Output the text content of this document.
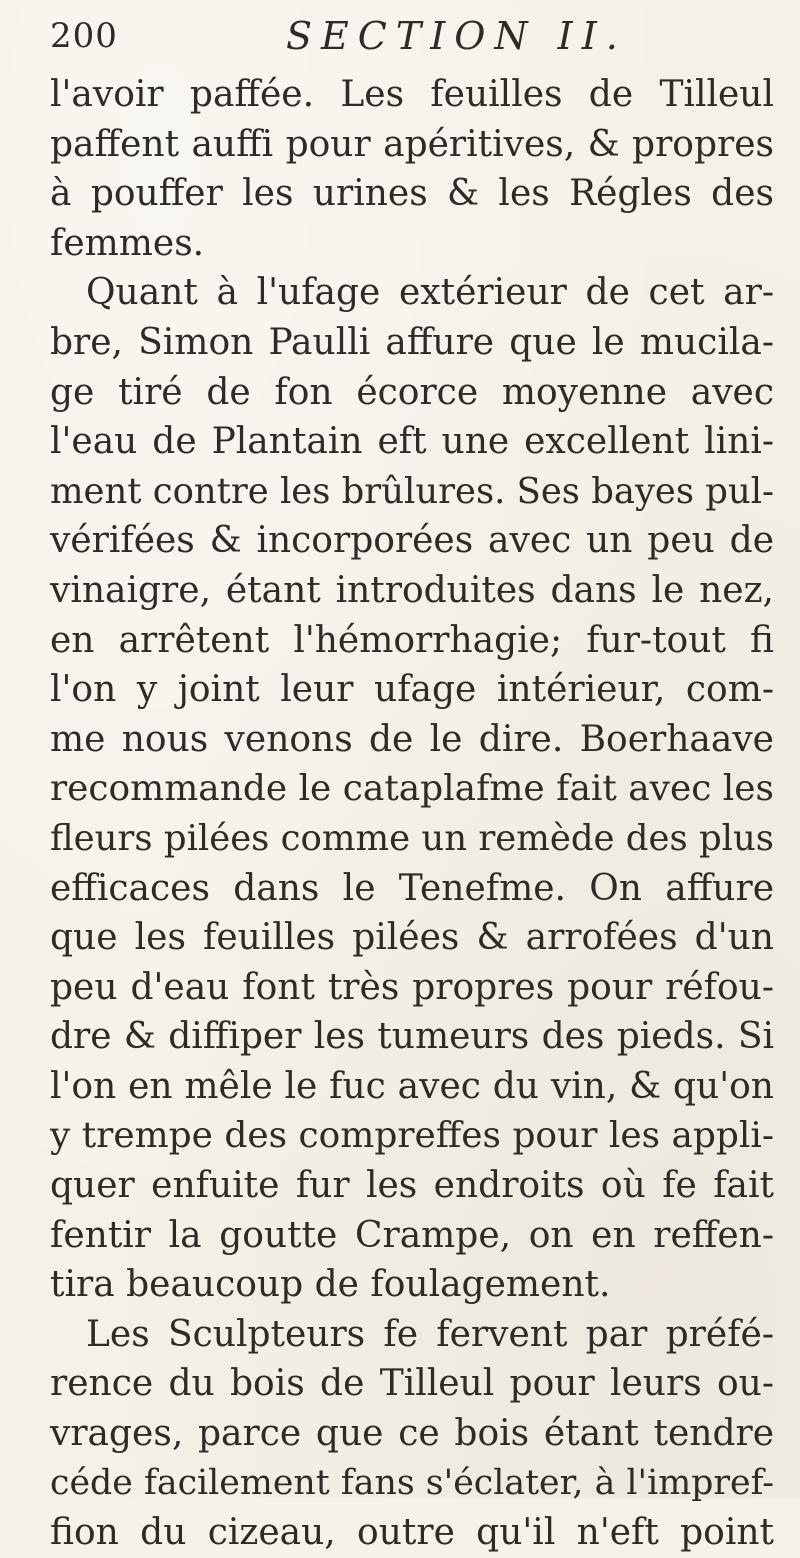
200	SECTION II.
l'avoir paffée. Les feuilles de Tilleul
paffent auffi pour apéritives, & propres
à pouffer les urines & les Régles des
femmes.
Quant à l'ufage extérieur de cet ar-
bre, Simon Paulli affure que le mucila-
ge tiré de fon écorce moyenne avec
l'eau de Plantain eft une excellent lini-
ment contre les brûlures. Ses bayes pul-
vérifées & incorporées avec un peu de
vinaigre, étant introduites dans le nez,
en arrêtent l'hémorrhagie; fur-tout fi
l'on y joint leur ufage intérieur, com-
me nous venons de le dire. Boerhaave
recommande le cataplafme fait avec les
fleurs pilées comme un remède des plus
efficaces dans le Tenefme. On affure
que les feuilles pilées & arrofées d'un
peu d'eau font très propres pour réfou-
dre & diffiper les tumeurs des pieds. Si
l'on en mêle le fuc avec du vin, & qu'on
y trempe des compreffes pour les appli-
quer enfuite fur les endroits où fe fait
fentir la goutte Crampe, on en reffen-
tira beaucoup de foulagement.
Les Sculpteurs fe fervent par préfé-
rence du bois de Tilleul pour leurs ou-
vrages, parce que ce bois étant tendre
céde facilement fans s'éclater, à l'impref-
fion du cizeau, outre qu'il n'eft point
